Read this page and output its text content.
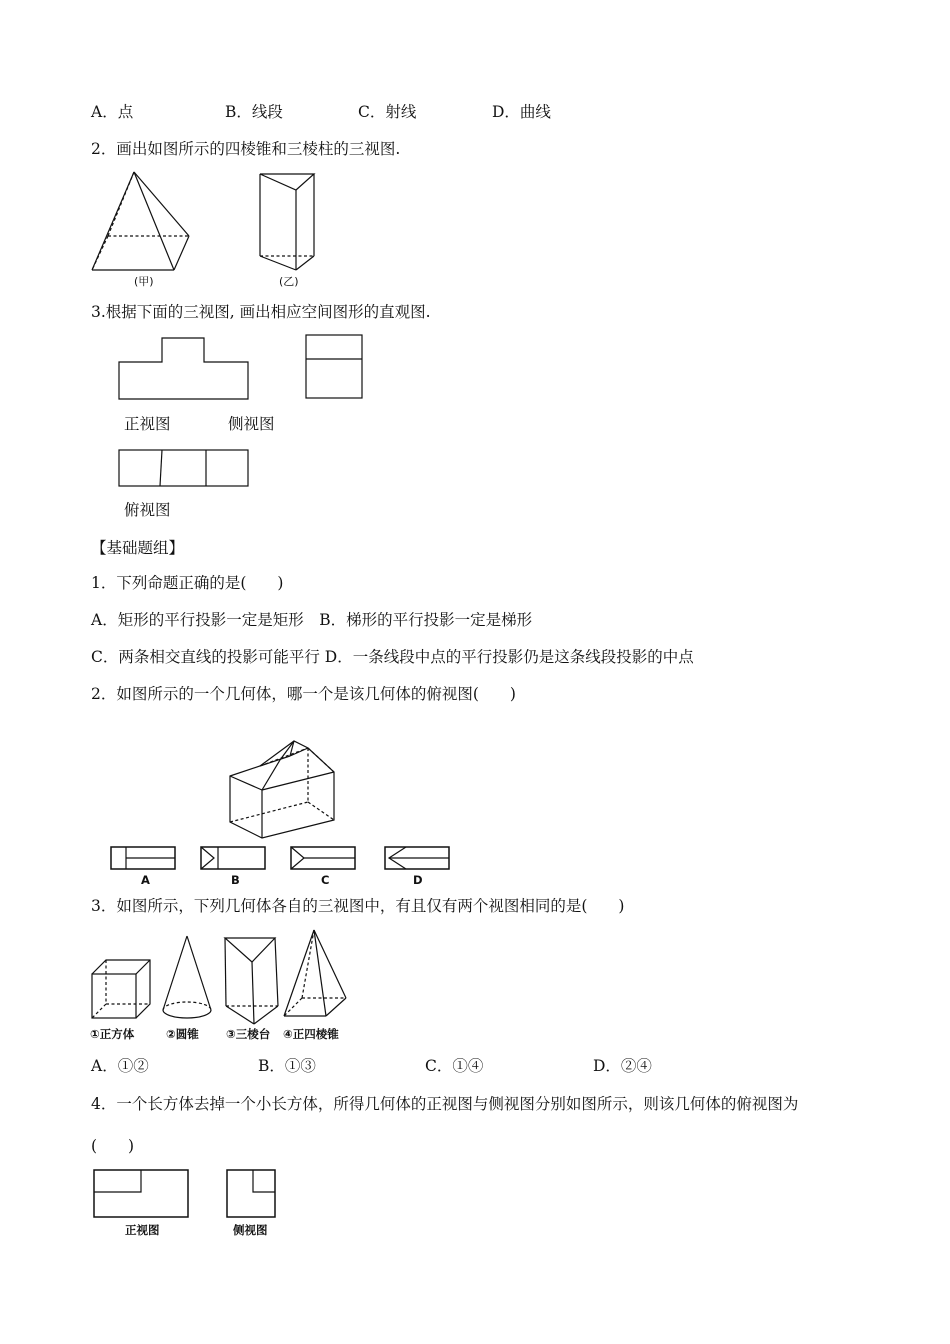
A．点	B．线段	C．射线	D．曲线
2．画出如图所示的四棱锥和三棱柱的三视图.
(甲)	(乙)
3.根据下面的三视图, 画出相应空间图形的直观图.
正视图	侧视图
俯视图
【基础题组】
1．下列命题正确的是(　　)
A．矩形的平行投影一定是矩形　B．梯形的平行投影一定是梯形
C．两条相交直线的投影可能平行 D．一条线段中点的平行投影仍是这条线段投影的中点
2．如图所示的一个几何体，哪一个是该几何体的俯视图(　　)
A	B	C	D
3．如图所示，下列几何体各自的三视图中，有且仅有两个视图相同的是(　　)
①正方体	②圆锥 ③三棱台 ④正四棱锥
A．①②	B．①③	C．①④	D．②④
4．一个长方体去掉一个小长方体，所得几何体的正视图与侧视图分别如图所示，则该几何体的俯视图为
(　　)
正视图	侧视图
